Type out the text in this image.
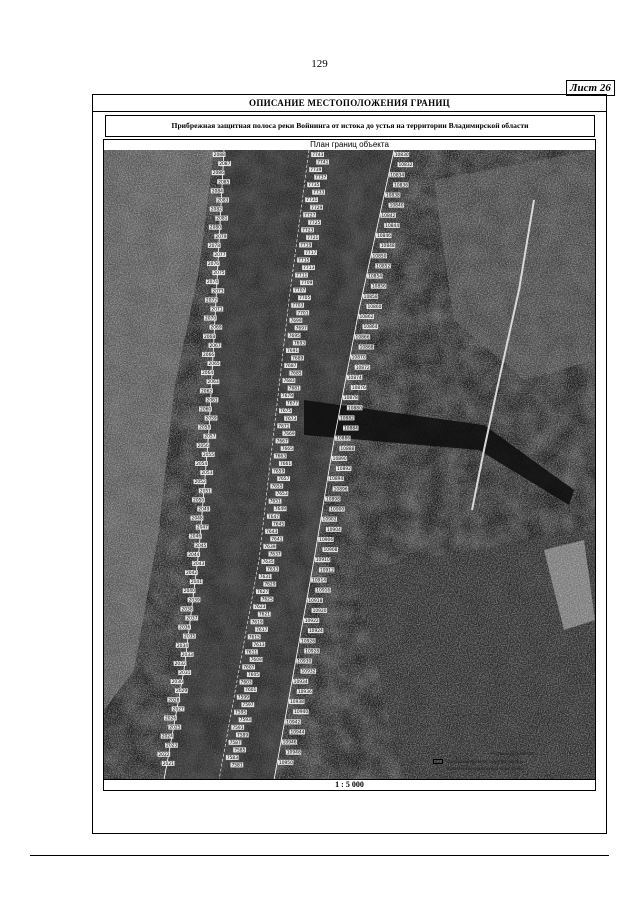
129
Лист 26
ОПИСАНИЕ МЕСТОПОЛОЖЕНИЯ ГРАНИЦ
Прибрежная защитная полоса реки Войнинга от истока до устья на территории Владимирской области
План границ объекта
2088
2087
2086
2085
2084
2083
2082
2081
2080
2079
2078
2077
2076
2075
2074
2073
2072
2071
2070
2069
2068
2067
2066
2065
2064
2063
2062
2061
2060
2059
2058
2057
2056
2055
2054
2053
2052
2051
2050
2049
2048
2047
2046
2045
2044
2043
2042
2041
2040
2039
2038
2037
2036
2035
2034
2033
2032
2031
2030
2029
2028
2027
2026
2025
2024
2023
2022
2021
7743
7741
7739
7737
7735
7733
7731
7729
7727
7725
7723
7721
7719
7717
7715
7713
7711
7709
7707
7705
7703
7701
7699
7697
7695
7693
7691
7689
7687
7685
7683
7681
7679
7677
7675
7673
7671
7669
7667
7665
7663
7661
7659
7657
7655
7653
7651
7649
7647
7645
7643
7641
7639
7637
7635
7633
7631
7629
7627
7625
7623
7621
7619
7617
7615
7613
7611
7609
7607
7605
7603
7601
7599
7597
7595
7593
7591
7589
7587
7585
7583
7581
10830
10832
10834
10836
10838
10840
10842
10844
10846
10848
10850
10852
10854
10856
10858
10860
10862
10864
10866
10868
10870
10872
10874
10876
10878
10880
10882
10884
10886
10888
10890
10892
10894
10896
10898
10900
10902
10904
10906
10908
10910
10912
10914
10916
10918
10920
10922
10924
10926
10928
10930
10932
10934
10936
10938
10940
10942
10944
10946
10948
10950
1 : 5 000
Условные обозначения
граница прибрежной защитной полосы
⌐	обозначение характерных точек границ
